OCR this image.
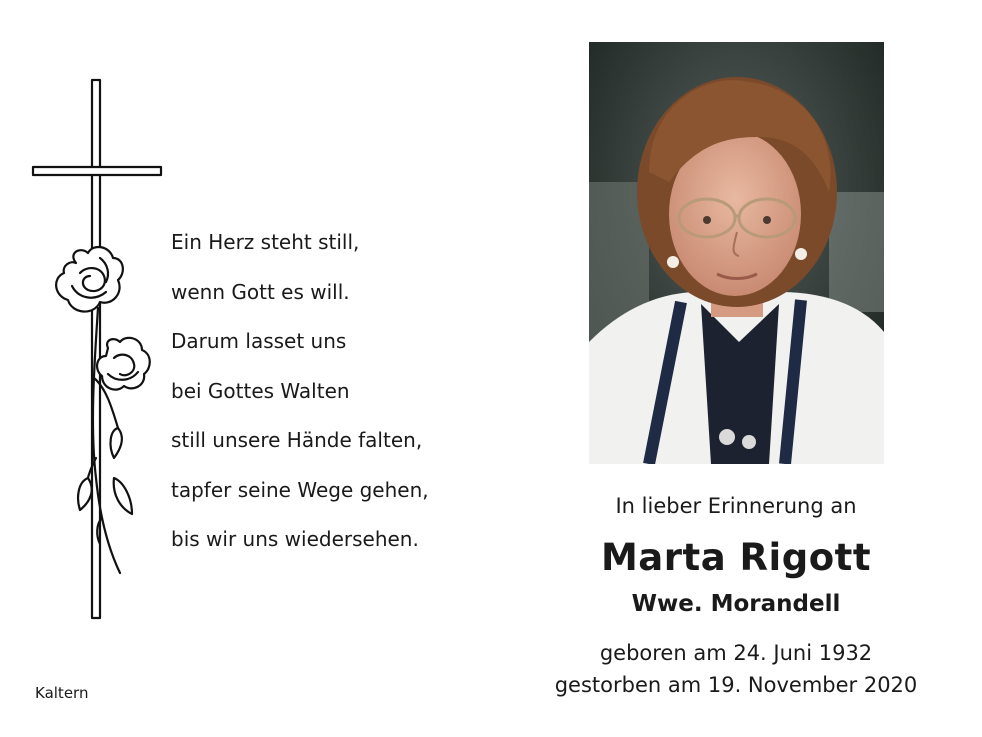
Ein Herz steht still,
wenn Gott es will.
Darum lasset uns
bei Gottes Walten
still unsere Hände falten,
tapfer seine Wege gehen,
bis wir uns wiedersehen.
In lieber Erinnerung an
Marta Rigott
Wwe. Morandell
geboren am 24. Juni 1932
gestorben am 19. November 2020
Kaltern
